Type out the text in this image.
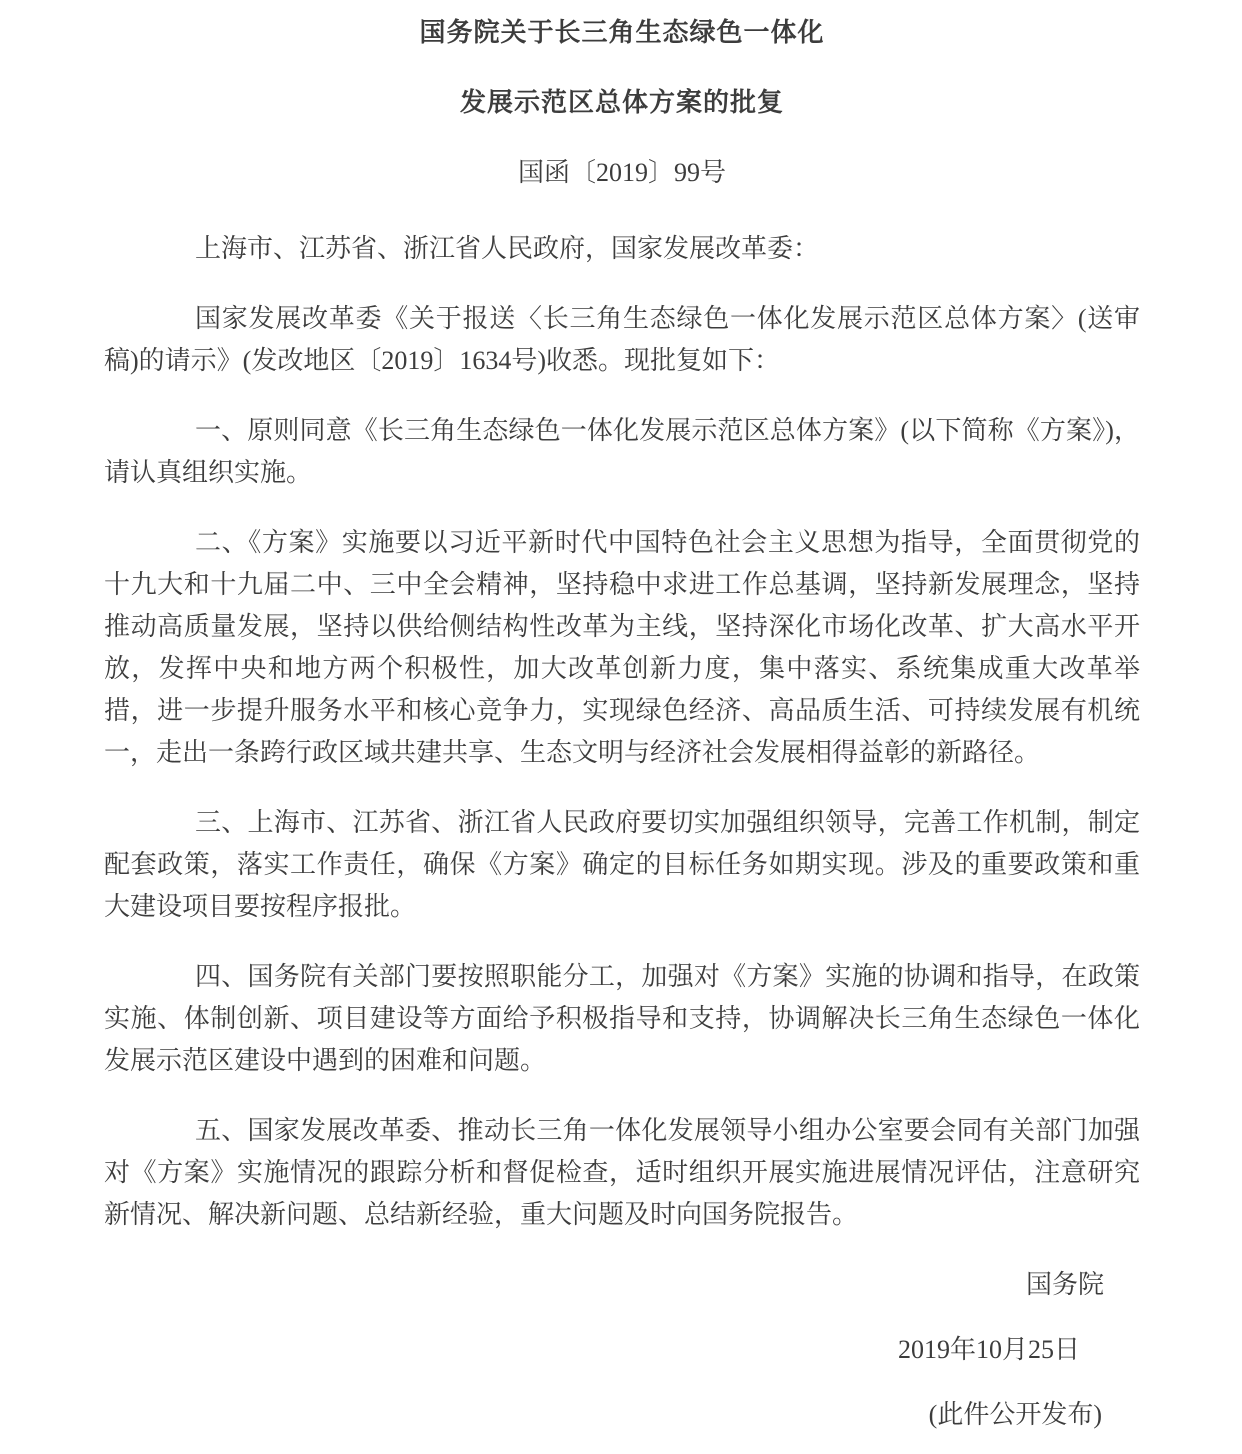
国务院关于长三角生态绿色一体化
发展示范区总体方案的批复
国函〔2019〕99号

上海市、江苏省、浙江省人民政府，国家发展改革委：

国家发展改革委《关于报送〈长三角生态绿色一体化发展示范区总体方案〉(送审稿)的请示》(发改地区〔2019〕1634号)收悉。现批复如下：

一、原则同意《长三角生态绿色一体化发展示范区总体方案》(以下简称《方案》)，请认真组织实施。

二、《方案》实施要以习近平新时代中国特色社会主义思想为指导，全面贯彻党的十九大和十九届二中、三中全会精神，坚持稳中求进工作总基调，坚持新发展理念，坚持推动高质量发展，坚持以供给侧结构性改革为主线，坚持深化市场化改革、扩大高水平开放，发挥中央和地方两个积极性，加大改革创新力度，集中落实、系统集成重大改革举措，进一步提升服务水平和核心竞争力，实现绿色经济、高品质生活、可持续发展有机统一，走出一条跨行政区域共建共享、生态文明与经济社会发展相得益彰的新路径。

三、上海市、江苏省、浙江省人民政府要切实加强组织领导，完善工作机制，制定配套政策，落实工作责任，确保《方案》确定的目标任务如期实现。涉及的重要政策和重大建设项目要按程序报批。

四、国务院有关部门要按照职能分工，加强对《方案》实施的协调和指导，在政策实施、体制创新、项目建设等方面给予积极指导和支持，协调解决长三角生态绿色一体化发展示范区建设中遇到的困难和问题。

五、国家发展改革委、推动长三角一体化发展领导小组办公室要会同有关部门加强对《方案》实施情况的跟踪分析和督促检查，适时组织开展实施进展情况评估，注意研究新情况、解决新问题、总结新经验，重大问题及时向国务院报告。

国务院
2019年10月25日
(此件公开发布)
